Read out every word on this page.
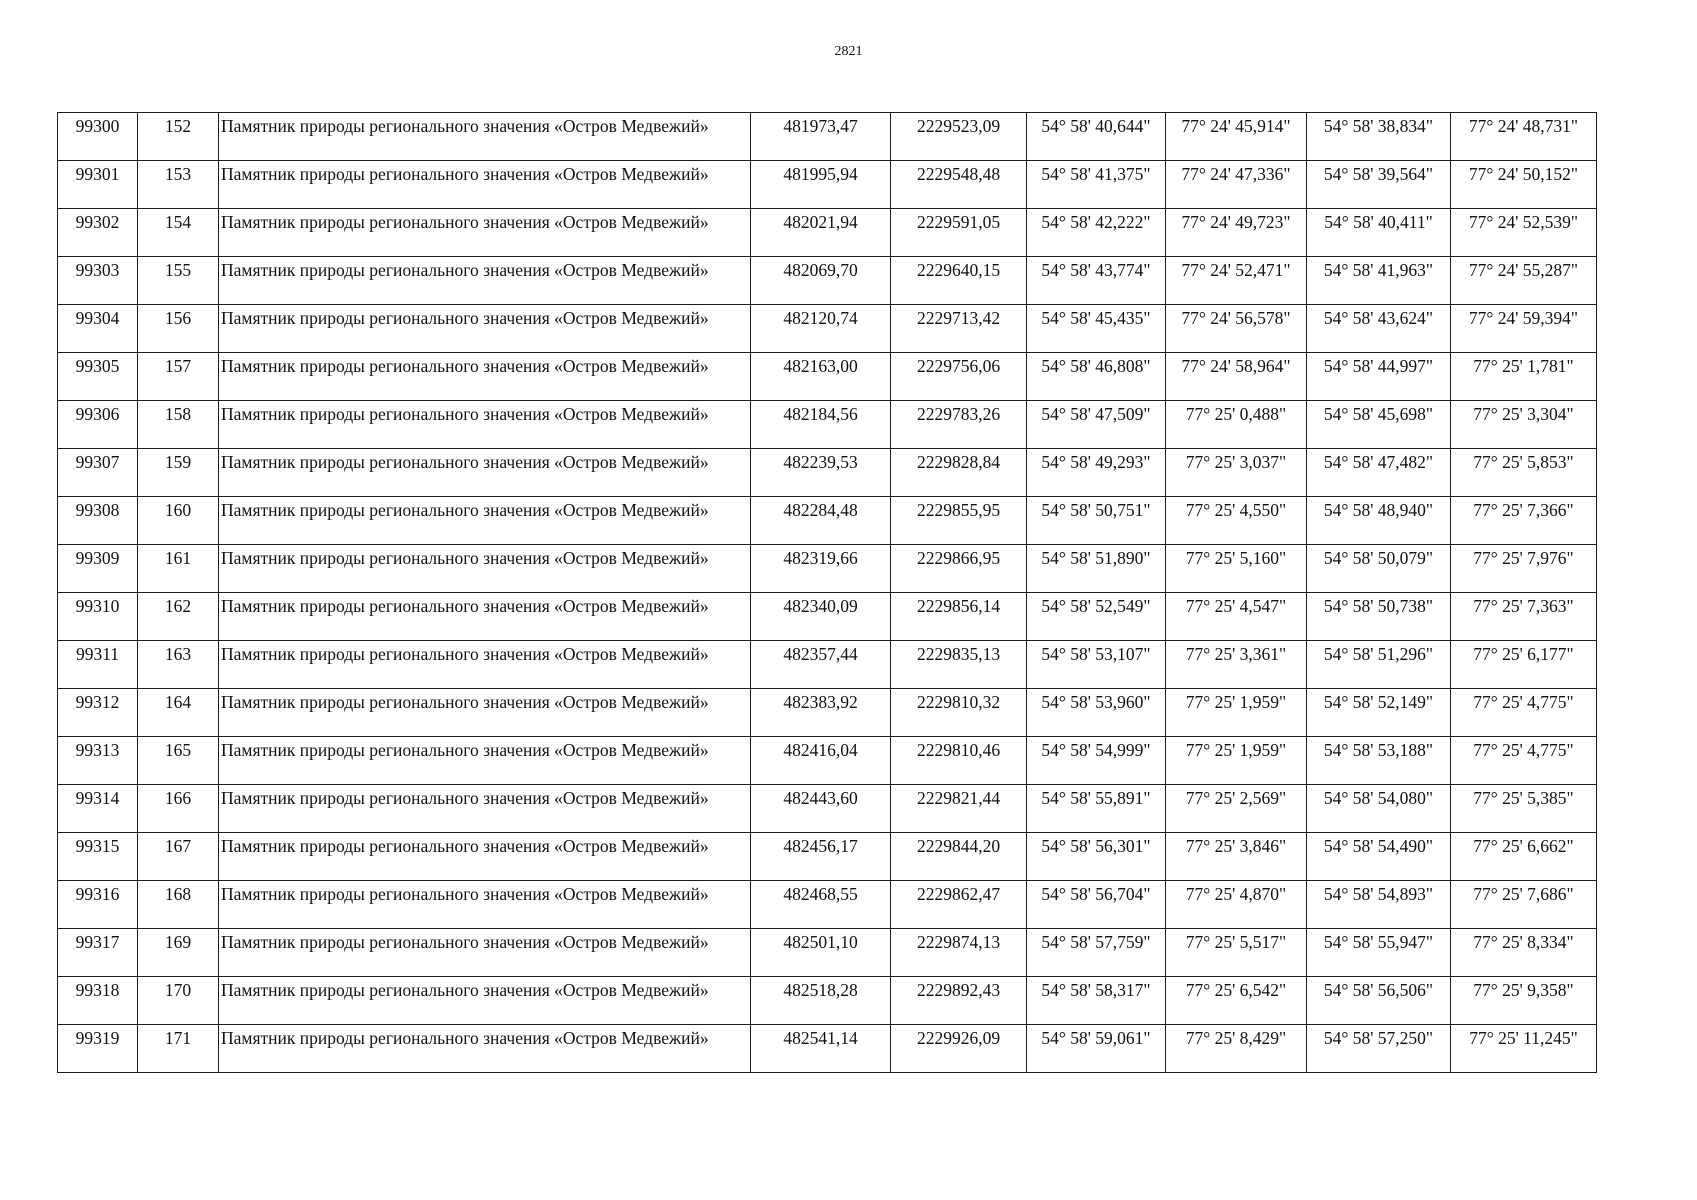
2821
99300	152	Памятник природы регионального значения «Остров Медвежий»	481973,47	2229523,09	54° 58' 40,644"	77° 24' 45,914"	54° 58' 38,834"	77° 24' 48,731"

99301	153	Памятник природы регионального значения «Остров Медвежий»	481995,94	2229548,48	54° 58' 41,375"	77° 24' 47,336"	54° 58' 39,564"	77° 24' 50,152"

99302	154	Памятник природы регионального значения «Остров Медвежий»	482021,94	2229591,05	54° 58' 42,222"	77° 24' 49,723"	54° 58' 40,411"	77° 24' 52,539"

99303	155	Памятник природы регионального значения «Остров Медвежий»	482069,70	2229640,15	54° 58' 43,774"	77° 24' 52,471"	54° 58' 41,963"	77° 24' 55,287"

99304	156	Памятник природы регионального значения «Остров Медвежий»	482120,74	2229713,42	54° 58' 45,435"	77° 24' 56,578"	54° 58' 43,624"	77° 24' 59,394"

99305	157	Памятник природы регионального значения «Остров Медвежий»	482163,00	2229756,06	54° 58' 46,808"	77° 24' 58,964"	54° 58' 44,997"	77° 25' 1,781"

99306	158	Памятник природы регионального значения «Остров Медвежий»	482184,56	2229783,26	54° 58' 47,509"	77° 25' 0,488"	54° 58' 45,698"	77° 25' 3,304"

99307	159	Памятник природы регионального значения «Остров Медвежий»	482239,53	2229828,84	54° 58' 49,293"	77° 25' 3,037"	54° 58' 47,482"	77° 25' 5,853"

99308	160	Памятник природы регионального значения «Остров Медвежий»	482284,48	2229855,95	54° 58' 50,751"	77° 25' 4,550"	54° 58' 48,940"	77° 25' 7,366"

99309	161	Памятник природы регионального значения «Остров Медвежий»	482319,66	2229866,95	54° 58' 51,890"	77° 25' 5,160"	54° 58' 50,079"	77° 25' 7,976"

99310	162	Памятник природы регионального значения «Остров Медвежий»	482340,09	2229856,14	54° 58' 52,549"	77° 25' 4,547"	54° 58' 50,738"	77° 25' 7,363"

99311	163	Памятник природы регионального значения «Остров Медвежий»	482357,44	2229835,13	54° 58' 53,107"	77° 25' 3,361"	54° 58' 51,296"	77° 25' 6,177"

99312	164	Памятник природы регионального значения «Остров Медвежий»	482383,92	2229810,32	54° 58' 53,960"	77° 25' 1,959"	54° 58' 52,149"	77° 25' 4,775"

99313	165	Памятник природы регионального значения «Остров Медвежий»	482416,04	2229810,46	54° 58' 54,999"	77° 25' 1,959"	54° 58' 53,188"	77° 25' 4,775"

99314	166	Памятник природы регионального значения «Остров Медвежий»	482443,60	2229821,44	54° 58' 55,891"	77° 25' 2,569"	54° 58' 54,080"	77° 25' 5,385"

99315	167	Памятник природы регионального значения «Остров Медвежий»	482456,17	2229844,20	54° 58' 56,301"	77° 25' 3,846"	54° 58' 54,490"	77° 25' 6,662"

99316	168	Памятник природы регионального значения «Остров Медвежий»	482468,55	2229862,47	54° 58' 56,704"	77° 25' 4,870"	54° 58' 54,893"	77° 25' 7,686"

99317	169	Памятник природы регионального значения «Остров Медвежий»	482501,10	2229874,13	54° 58' 57,759"	77° 25' 5,517"	54° 58' 55,947"	77° 25' 8,334"

99318	170	Памятник природы регионального значения «Остров Медвежий»	482518,28	2229892,43	54° 58' 58,317"	77° 25' 6,542"	54° 58' 56,506"	77° 25' 9,358"

99319	171	Памятник природы регионального значения «Остров Медвежий»	482541,14	2229926,09	54° 58' 59,061"	77° 25' 8,429"	54° 58' 57,250"	77° 25' 11,245"
